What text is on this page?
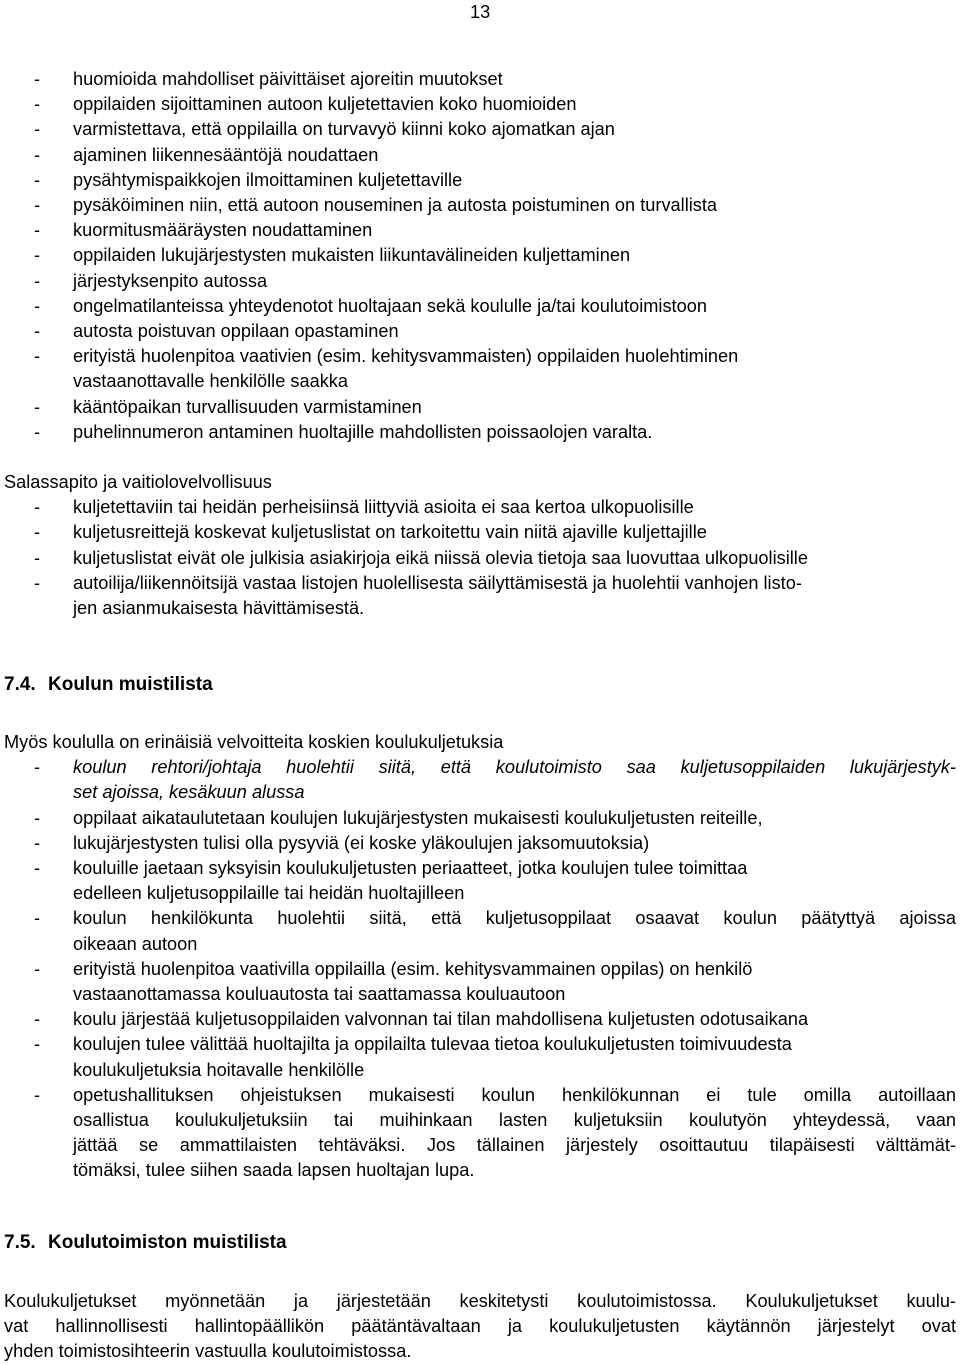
13
- huomioida mahdolliset päivittäiset ajoreitin muutokset
- oppilaiden sijoittaminen autoon kuljetettavien koko huomioiden
- varmistettava, että oppilailla on turvavyö kiinni koko ajomatkan ajan
- ajaminen liikennesääntöjä noudattaen
- pysähtymispaikkojen ilmoittaminen kuljetettaville
- pysäköiminen niin, että autoon nouseminen ja autosta poistuminen on turvallista
- kuormitusmääräysten noudattaminen
- oppilaiden lukujärjestysten mukaisten liikuntavälineiden kuljettaminen
- järjestyksenpito autossa
- ongelmatilanteissa yhteydenotot huoltajaan sekä koululle ja/tai koulutoimistoon
- autosta poistuvan oppilaan opastaminen
- erityistä huolenpitoa vaativien (esim. kehitysvammaisten) oppilaiden huolehtiminen
vastaanottavalle henkilölle saakka
- kääntöpaikan turvallisuuden varmistaminen
- puhelinnumeron antaminen huoltajille mahdollisten poissaolojen varalta.
Salassapito ja vaitiolovelvollisuus
- kuljetettaviin tai heidän perheisiinsä liittyviä asioita ei saa kertoa ulkopuolisille
- kuljetusreittejä koskevat kuljetuslistat on tarkoitettu vain niitä ajaville kuljettajille
- kuljetuslistat eivät ole julkisia asiakirjoja eikä niissä olevia tietoja saa luovuttaa ulkopuolisille
- autoilija/liikennöitsijä vastaa listojen huolellisesta säilyttämisestä ja huolehtii vanhojen listo-
jen asianmukaisesta hävittämisestä.
7.4. Koulun muistilista
Myös koululla on erinäisiä velvoitteita koskien koulukuljetuksia
- koulun rehtori/johtaja huolehtii siitä, että koulutoimisto saa kuljetusoppilaiden lukujärjestyk-
set ajoissa, kesäkuun alussa
- oppilaat aikataulutetaan koulujen lukujärjestysten mukaisesti koulukuljetusten reiteille,
- lukujärjestysten tulisi olla pysyviä (ei koske yläkoulujen jaksomuutoksia)
- kouluille jaetaan syksyisin koulukuljetusten periaatteet, jotka koulujen tulee toimittaa
edelleen kuljetusoppilaille tai heidän huoltajilleen
- koulun henkilökunta huolehtii siitä, että kuljetusoppilaat osaavat koulun päätyttyä ajoissa
oikeaan autoon
- erityistä huolenpitoa vaativilla oppilailla (esim. kehitysvammainen oppilas) on henkilö
vastaanottamassa kouluautosta tai saattamassa kouluautoon
- koulu järjestää kuljetusoppilaiden valvonnan tai tilan mahdollisena kuljetusten odotusaikana
- koulujen tulee välittää huoltajilta ja oppilailta tulevaa tietoa koulukuljetusten toimivuudesta
koulukuljetuksia hoitavalle henkilölle
- opetushallituksen ohjeistuksen mukaisesti koulun henkilökunnan ei tule omilla autoillaan
osallistua koulukuljetuksiin tai muihinkaan lasten kuljetuksiin koulutyön yhteydessä, vaan
jättää se ammattilaisten tehtäväksi. Jos tällainen järjestely osoittautuu tilapäisesti välttämät-
tömäksi, tulee siihen saada lapsen huoltajan lupa.
7.5. Koulutoimiston muistilista
Koulukuljetukset myönnetään ja järjestetään keskitetysti koulutoimistossa. Koulukuljetukset kuulu-
vat hallinnollisesti hallintopäällikön päätäntävaltaan ja koulukuljetusten käytännön järjestelyt ovat
yhden toimistosihteerin vastuulla koulutoimistossa.
